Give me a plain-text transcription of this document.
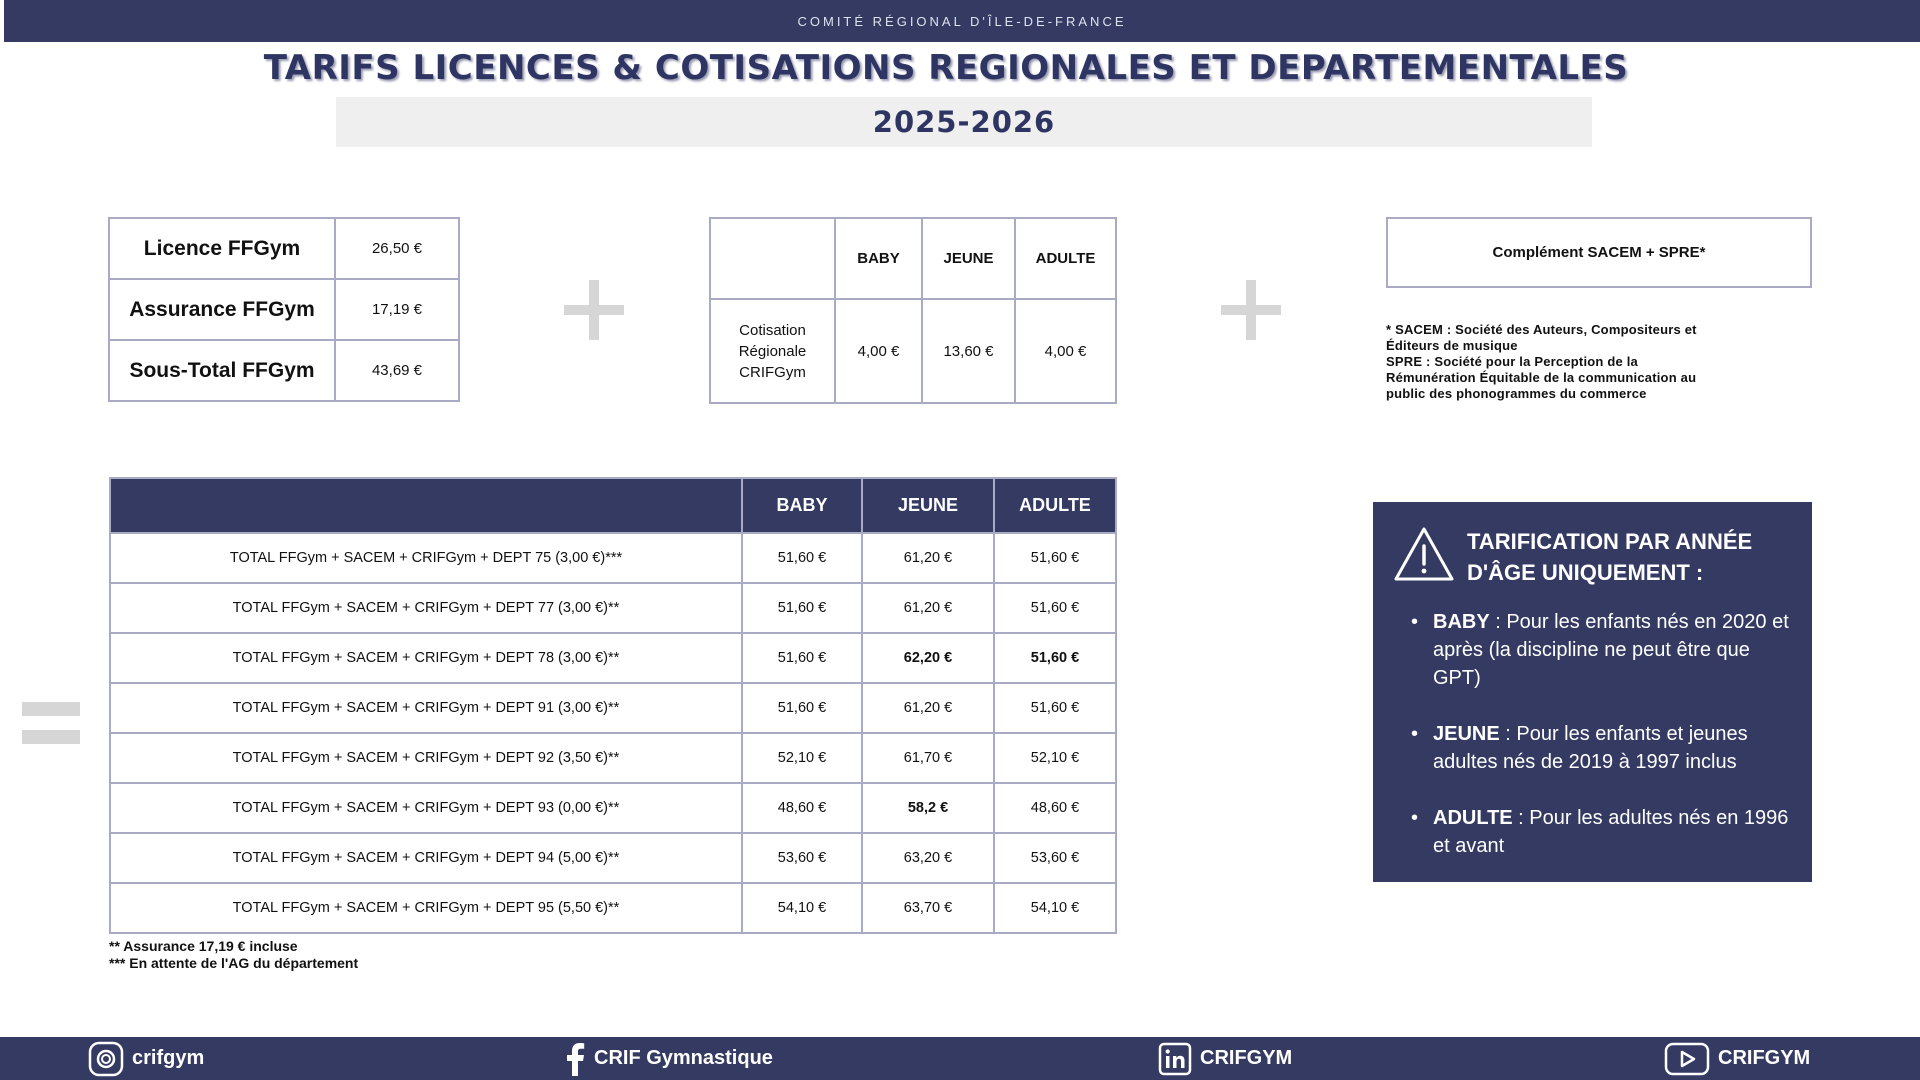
COMITÉ RÉGIONAL D'ÎLE-DE-FRANCE
TARIFS LICENCES & COTISATIONS REGIONALES ET DEPARTEMENTALES
2025-2026
Licence FFGym	26,50 €
Assurance FFGym	17,19 €
Sous-Total FFGym	43,69 €
	BABY	JEUNE	ADULTE
Cotisation
Régionale
CRIFGym	4,00 €	13,60 €	4,00 €
Complément SACEM + SPRE*
* SACEM : Société des Auteurs, Compositeurs et
Éditeurs de musique
SPRE : Société pour la Perception de la
Rémunération Équitable de la communication au
public des phonogrammes du commerce
	BABY	JEUNE	ADULTE
TOTAL FFGym + SACEM + CRIFGym + DEPT 75 (3,00 €)***	51,60 €	61,20 €	51,60 €
TOTAL FFGym + SACEM + CRIFGym + DEPT 77 (3,00 €)**	51,60 €	61,20 €	51,60 €
TOTAL FFGym + SACEM + CRIFGym + DEPT 78 (3,00 €)**	51,60 €	62,20 €	51,60 €
TOTAL FFGym + SACEM + CRIFGym + DEPT 91 (3,00 €)**	51,60 €	61,20 €	51,60 €
TOTAL FFGym + SACEM + CRIFGym + DEPT 92 (3,50 €)**	52,10 €	61,70 €	52,10 €
TOTAL FFGym + SACEM + CRIFGym + DEPT 93 (0,00 €)**	48,60 €	58,2 €	48,60 €
TOTAL FFGym + SACEM + CRIFGym + DEPT 94 (5,00 €)**	53,60 €	63,20 €	53,60 €
TOTAL FFGym + SACEM + CRIFGym + DEPT 95 (5,50 €)**	54,10 €	63,70 €	54,10 €
** Assurance 17,19 € incluse
*** En attente de l'AG du département
TARIFICATION PAR ANNÉE
D'ÂGE UNIQUEMENT :
• BABY : Pour les enfants nés en 2020 et après (la discipline ne peut être que GPT)
• JEUNE : Pour les enfants et jeunes adultes nés de 2019 à 1997 inclus
• ADULTE : Pour les adultes nés en 1996 et avant
crifgym	CRIF Gymnastique	CRIFGYM	CRIFGYM
